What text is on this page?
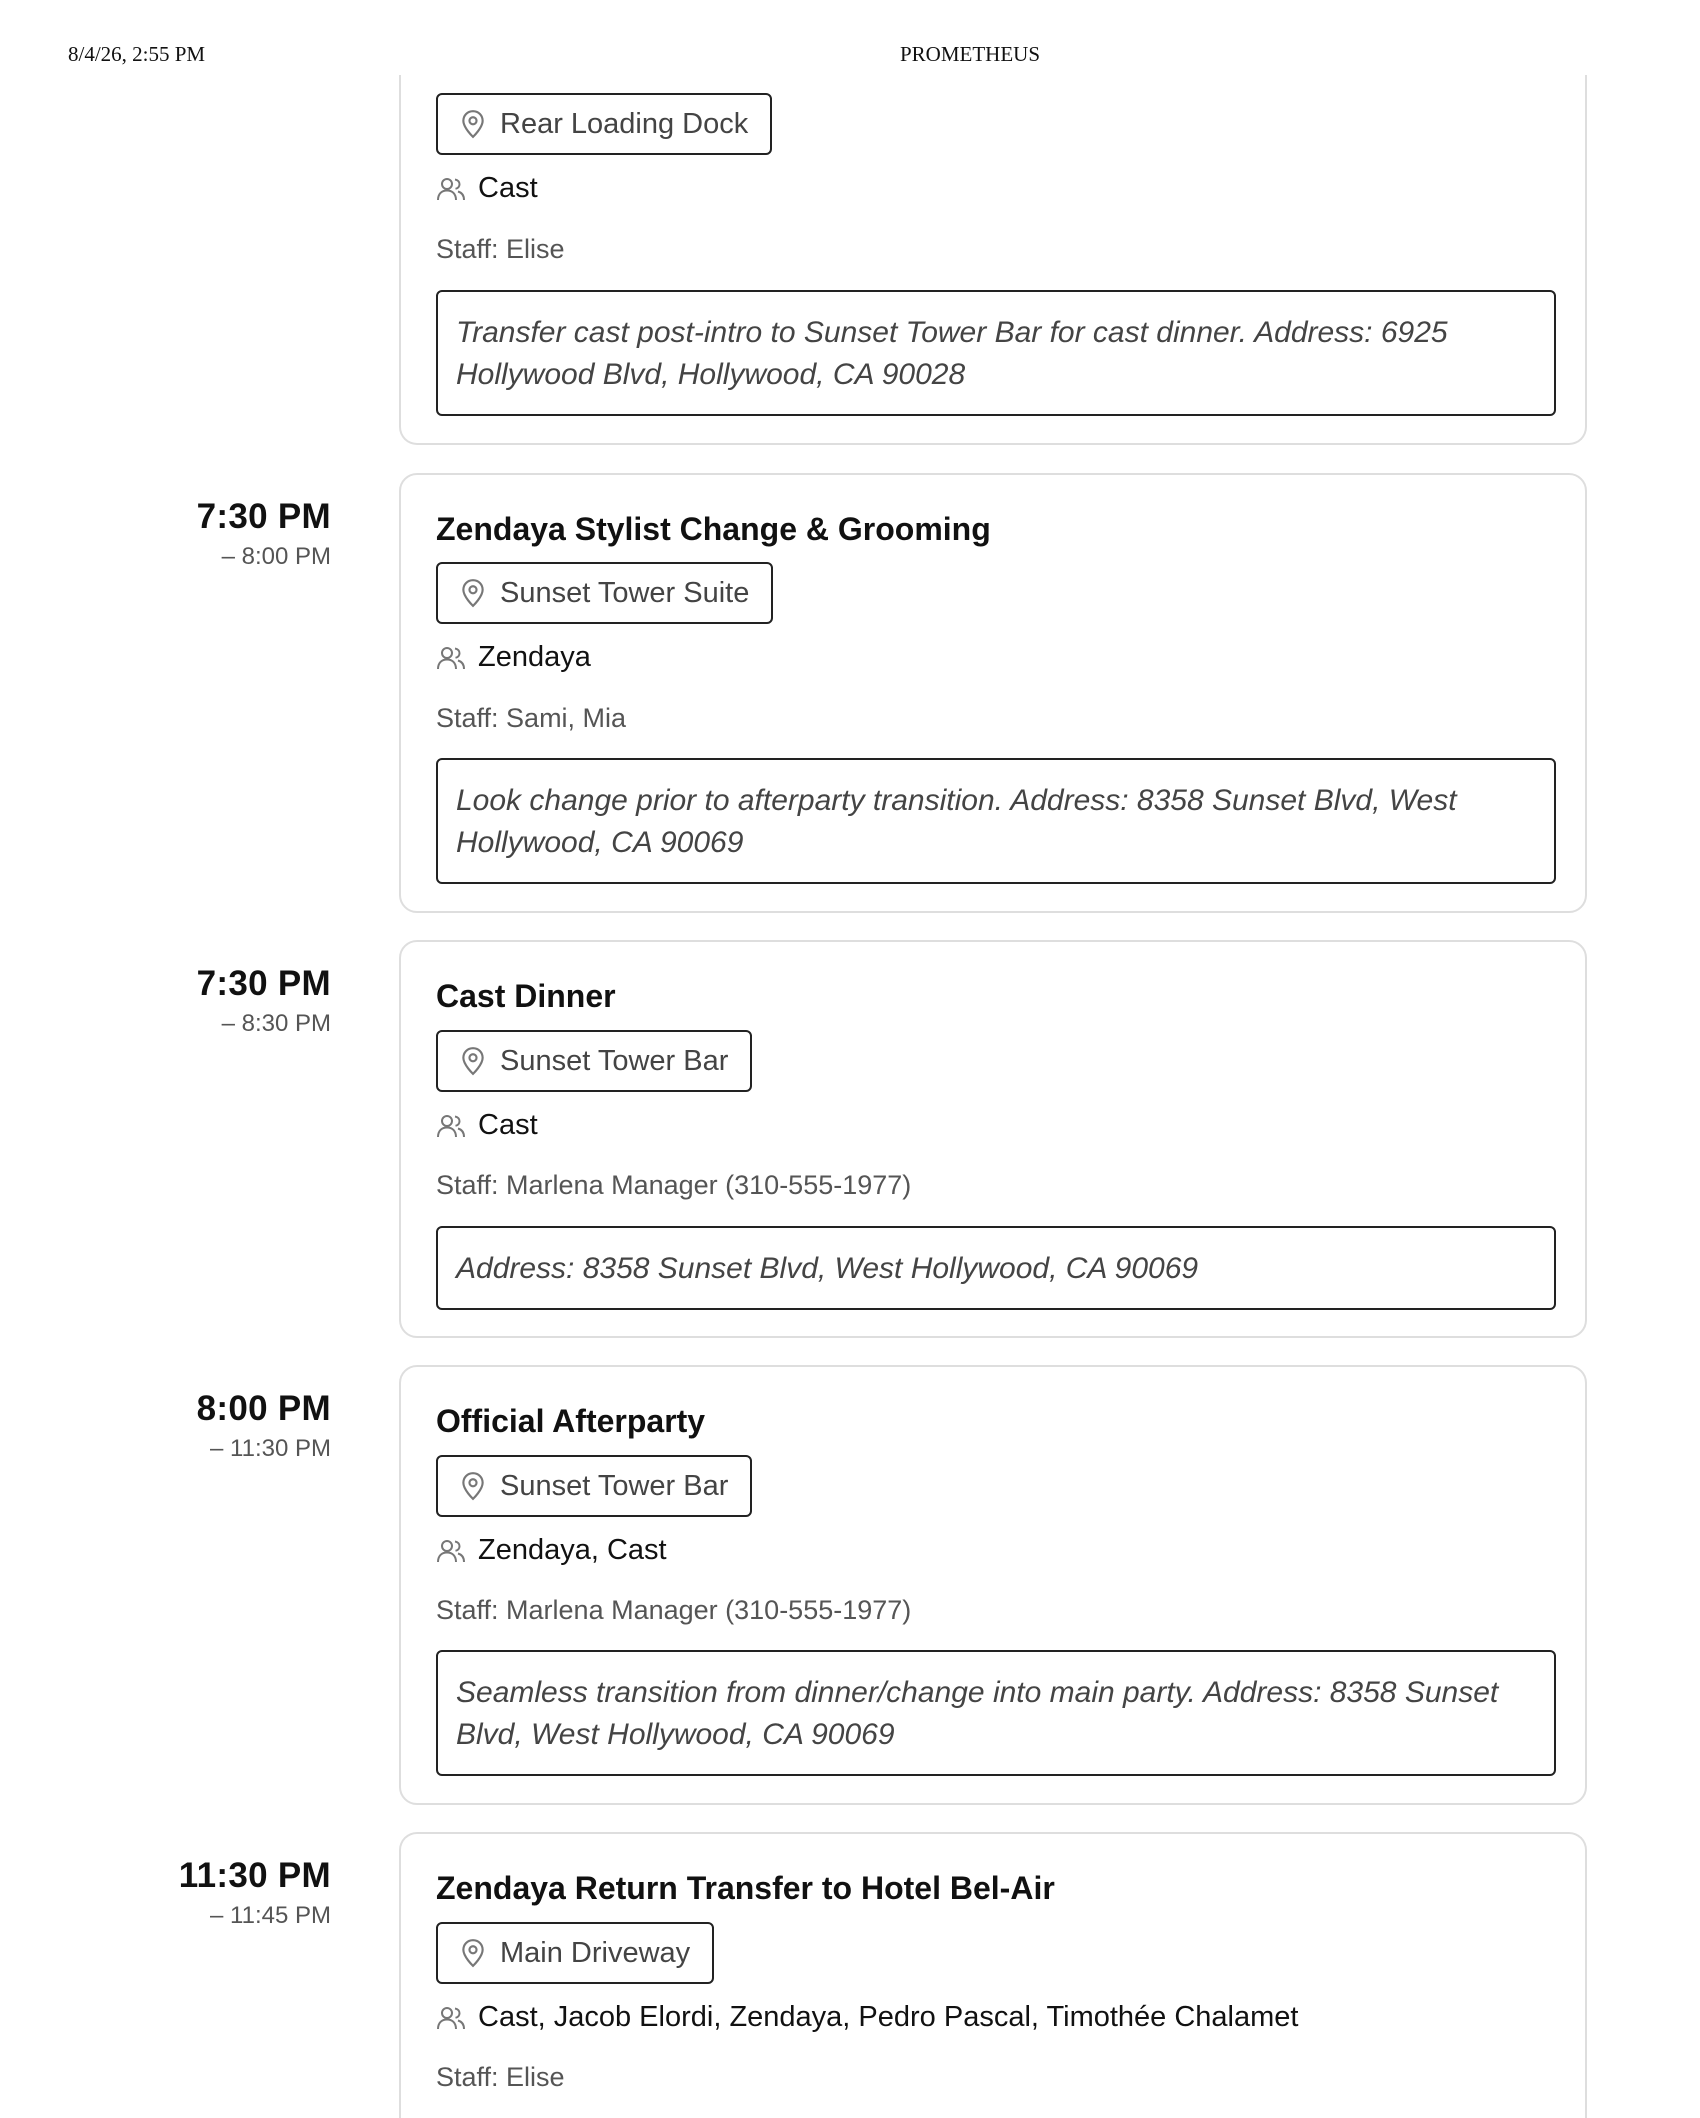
8/4/26, 2:55 PM	PROMETHEUS
Rear Loading Dock
Cast
Staff: Elise
Transfer cast post-intro to Sunset Tower Bar for cast dinner. Address: 6925 Hollywood Blvd, Hollywood, CA 90028
7:30 PM
– 8:00 PM
Zendaya Stylist Change & Grooming
Sunset Tower Suite
Zendaya
Staff: Sami, Mia
Look change prior to afterparty transition. Address: 8358 Sunset Blvd, West Hollywood, CA 90069
7:30 PM
– 8:30 PM
Cast Dinner
Sunset Tower Bar
Cast
Staff: Marlena Manager (310-555-1977)
Address: 8358 Sunset Blvd, West Hollywood, CA 90069
8:00 PM
– 11:30 PM
Official Afterparty
Sunset Tower Bar
Zendaya, Cast
Staff: Marlena Manager (310-555-1977)
Seamless transition from dinner/change into main party. Address: 8358 Sunset Blvd, West Hollywood, CA 90069
11:30 PM
– 11:45 PM
Zendaya Return Transfer to Hotel Bel-Air
Main Driveway
Cast, Jacob Elordi, Zendaya, Pedro Pascal, Timothée Chalamet
Staff: Elise
